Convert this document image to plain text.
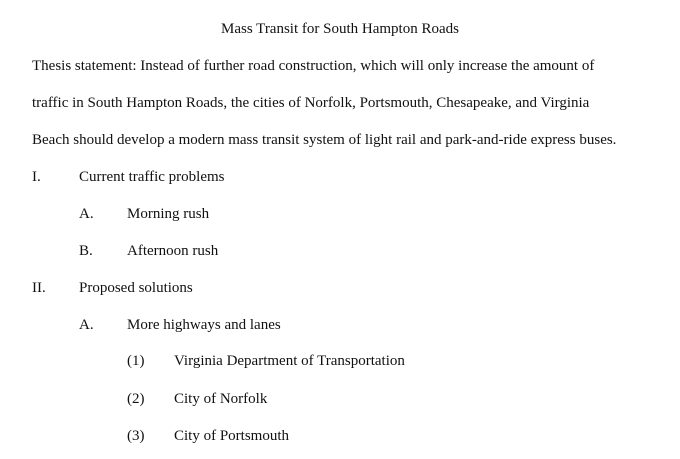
Mass Transit for South Hampton Roads
Thesis statement: Instead of further road construction, which will only increase the amount of
traffic in South Hampton Roads, the cities of Norfolk, Portsmouth, Chesapeake, and Virginia
Beach should develop a modern mass transit system of light rail and park-and-ride express buses.
I.	Current traffic problems
A. Morning rush
B. Afternoon rush
II. Proposed solutions
A. More highways and lanes
(1) Virginia Department of Transportation
(2) City of Norfolk
(3) City of Portsmouth
